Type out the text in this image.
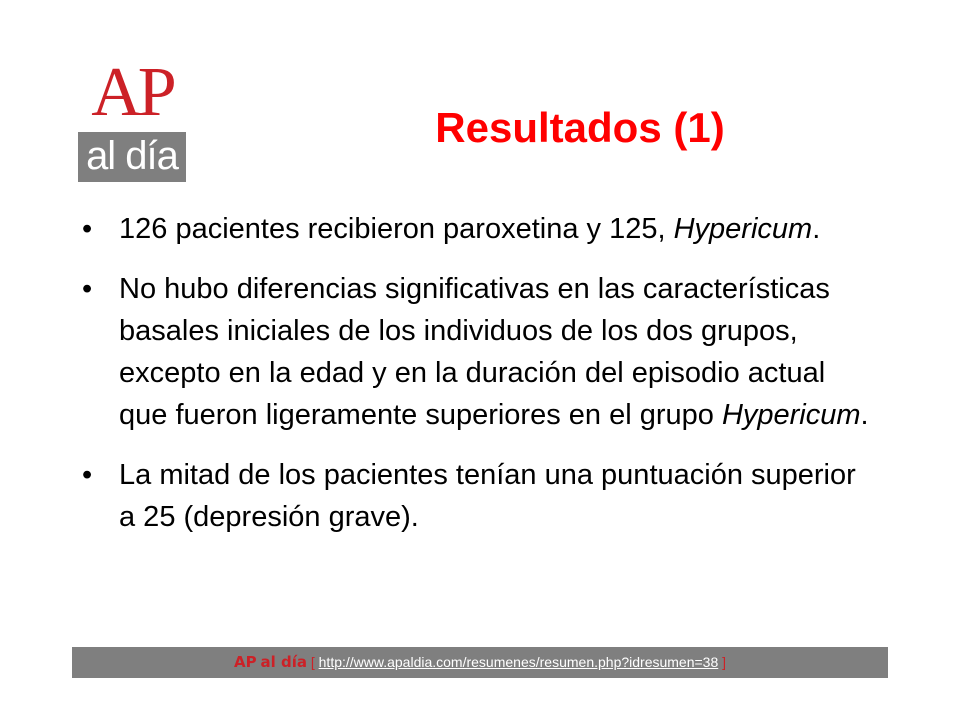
AP
al día
Resultados (1)
• 126 pacientes recibieron paroxetina y 125, Hypericum.
• No hubo diferencias significativas en las características basales iniciales de los individuos de los dos grupos, excepto en la edad y en la duración del episodio actual que fueron ligeramente superiores en el grupo Hypericum.
• La mitad de los pacientes tenían una puntuación superior a 25 (depresión grave).
AP al día [ http://www.apaldia.com/resumenes/resumen.php?idresumen=38 ]
